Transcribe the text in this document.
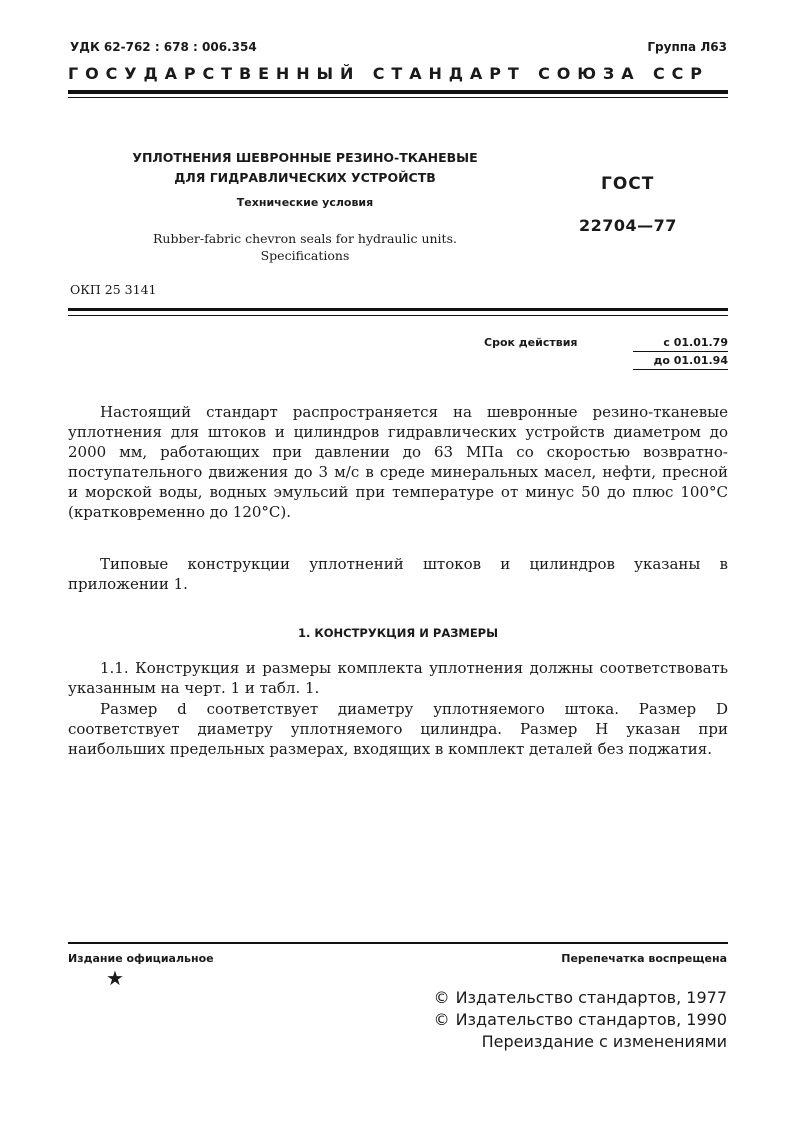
УДК 62-762 : 678 : 006.354	Группа Л63
ГОСУДАРСТВЕННЫЙ СТАНДАРТ СОЮЗА ССР
УПЛОТНЕНИЯ ШЕВРОННЫЕ РЕЗИНО-ТКАНЕВЫЕ
ДЛЯ ГИДРАВЛИЧЕСКИХ УСТРОЙСТВ
Технические условия
Rubber-fabric chevron seals for hydraulic units.
Specifications
ГОСТ
22704—77
ОКП 25 3141
Срок действия	с 01.01.79
до 01.01.94
Настоящий стандарт распространяется на шевронные резино-тканевые уплотнения для штоков и цилиндров гидравлических устройств диаметром до 2000 мм, работающих при давлении до 63 МПа со скоростью возвратно-поступательного движения до 3 м/с в среде минеральных масел, нефти, пресной и морской воды, водных эмульсий при температуре от минус 50 до плюс 100°С (кратковременно до 120°С).
Типовые конструкции уплотнений штоков и цилиндров указаны в приложении 1.
1. КОНСТРУКЦИЯ И РАЗМЕРЫ
1.1. Конструкция и размеры комплекта уплотнения должны соответствовать указанным на черт. 1 и табл. 1.
Размер d соответствует диаметру уплотняемого штока. Размер D соответствует диаметру уплотняемого цилиндра. Размер Н указан при наибольших предельных размерах, входящих в комплект деталей без поджатия.
Издание официальное
★
Перепечатка воспрещена
© Издательство стандартов, 1977
© Издательство стандартов, 1990
Переиздание с изменениями
